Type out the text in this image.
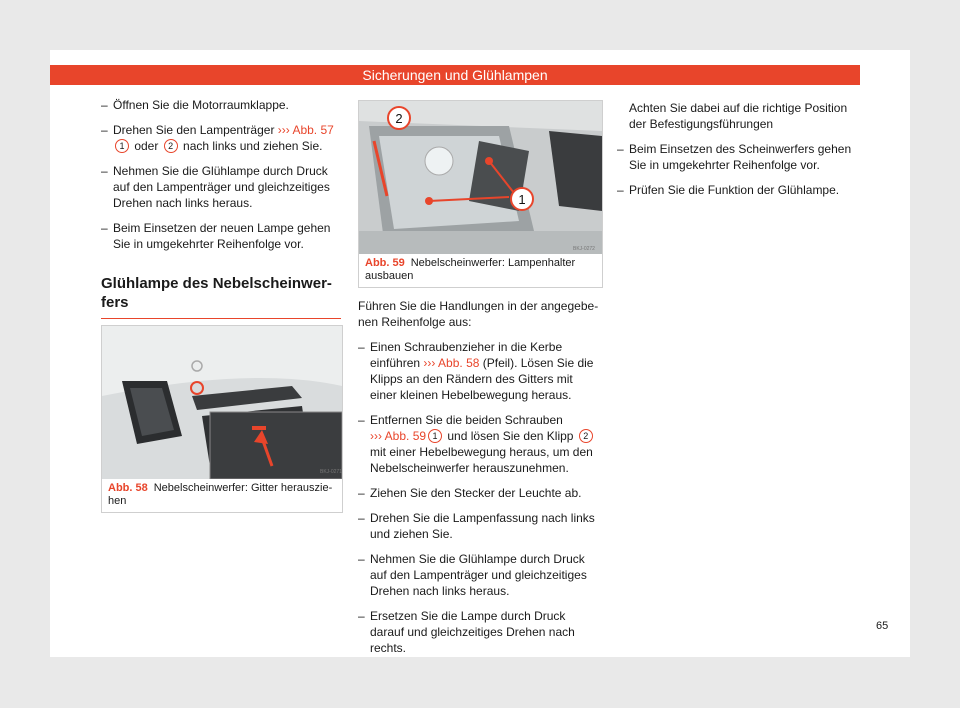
Sicherungen und Glühlampen
– Öffnen Sie die Motorraumklappe.
– Drehen Sie den Lampenträger ››› Abb. 57
1 oder 2 nach links und ziehen Sie.
– Nehmen Sie die Glühlampe durch Druck auf den Lampenträger und gleichzeitiges Drehen nach links heraus.
– Beim Einsetzen der neuen Lampe gehen Sie in umgekehrter Reihenfolge vor.
Glühlampe des Nebelscheinwerfers
BKJ-0271
Abb. 58 Nebelscheinwerfer: Gitter herausziehen
2
1
BKJ-0272
Abb. 59 Nebelscheinwerfer: Lampenhalter ausbauen
Führen Sie die Handlungen in der angegebenen Reihenfolge aus:
– Einen Schraubenzieher in die Kerbe einführen ››› Abb. 58 (Pfeil). Lösen Sie die Klipps an den Rändern des Gitters mit einer kleinen Hebelbewegung heraus.
– Entfernen Sie die beiden Schrauben
››› Abb. 59 1 und lösen Sie den Klipp 2 mit einer Hebelbewegung heraus, um den Nebelscheinwerfer herauszunehmen.
– Ziehen Sie den Stecker der Leuchte ab.
– Drehen Sie die Lampenfassung nach links und ziehen Sie.
– Nehmen Sie die Glühlampe durch Druck auf den Lampenträger und gleichzeitiges Drehen nach links heraus.
– Ersetzen Sie die Lampe durch Druck darauf und gleichzeitiges Drehen nach rechts.
Achten Sie dabei auf die richtige Position der Befestigungsführungen
– Beim Einsetzen des Scheinwerfers gehen Sie in umgekehrter Reihenfolge vor.
– Prüfen Sie die Funktion der Glühlampe.
65
